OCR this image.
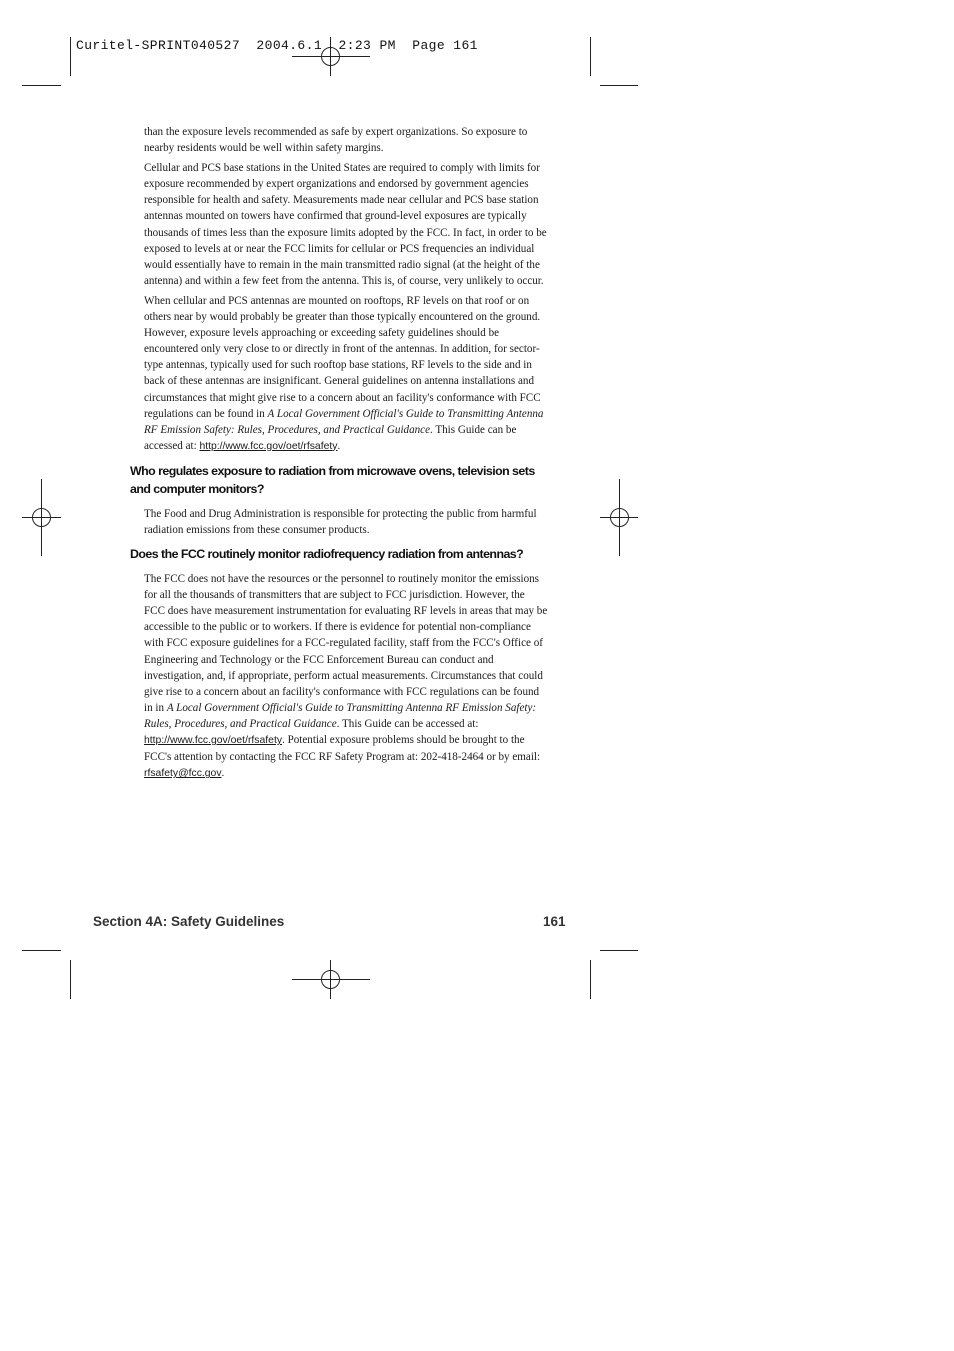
Curitel-SPRINT040527  2004.6.1  2:23 PM  Page 161

than the exposure levels recommended as safe by expert organizations. So exposure to nearby residents would be well within safety margins.

Cellular and PCS base stations in the United States are required to comply with limits for exposure recommended by expert organizations and endorsed by government agencies responsible for health and safety. Measurements made near cellular and PCS base station antennas mounted on towers have confirmed that ground-level exposures are typically thousands of times less than the exposure limits adopted by the FCC. In fact, in order to be exposed to levels at or near the FCC limits for cellular or PCS frequencies an individual would essentially have to remain in the main transmitted radio signal (at the height of the antenna) and within a few feet from the antenna. This is, of course, very unlikely to occur.

When cellular and PCS antennas are mounted on rooftops, RF levels on that roof or on others near by would probably be greater than those typically encountered on the ground. However, exposure levels approaching or exceeding safety guidelines should be encountered only very close to or directly in front of the antennas. In addition, for sector-type antennas, typically used for such rooftop base stations, RF levels to the side and in back of these antennas are insignificant. General guidelines on antenna installations and circumstances that might give rise to a concern about an facility's conformance with FCC regulations can be found in A Local Government Official's Guide to Transmitting Antenna RF Emission Safety: Rules, Procedures, and Practical Guidance. This Guide can be accessed at: http://www.fcc.gov/oet/rfsafety.

Who regulates exposure to radiation from microwave ovens, television sets and computer monitors?

The Food and Drug Administration is responsible for protecting the public from harmful radiation emissions from these consumer products.

Does the FCC routinely monitor radiofrequency radiation from antennas?

The FCC does not have the resources or the personnel to routinely monitor the emissions for all the thousands of transmitters that are subject to FCC jurisdiction. However, the FCC does have measurement instrumentation for evaluating RF levels in areas that may be accessible to the public or to workers. If there is evidence for potential non-compliance with FCC exposure guidelines for a FCC-regulated facility, staff from the FCC's Office of Engineering and Technology or the FCC Enforcement Bureau can conduct and investigation, and, if appropriate, perform actual measurements. Circumstances that could give rise to a concern about an facility's conformance with FCC regulations can be found in in A Local Government Official's Guide to Transmitting Antenna RF Emission Safety: Rules, Procedures, and Practical Guidance. This Guide can be accessed at: http://www.fcc.gov/oet/rfsafety. Potential exposure problems should be brought to the FCC's attention by contacting the FCC RF Safety Program at: 202-418-2464 or by email: rfsafety@fcc.gov.

Section 4A: Safety Guidelines	161
